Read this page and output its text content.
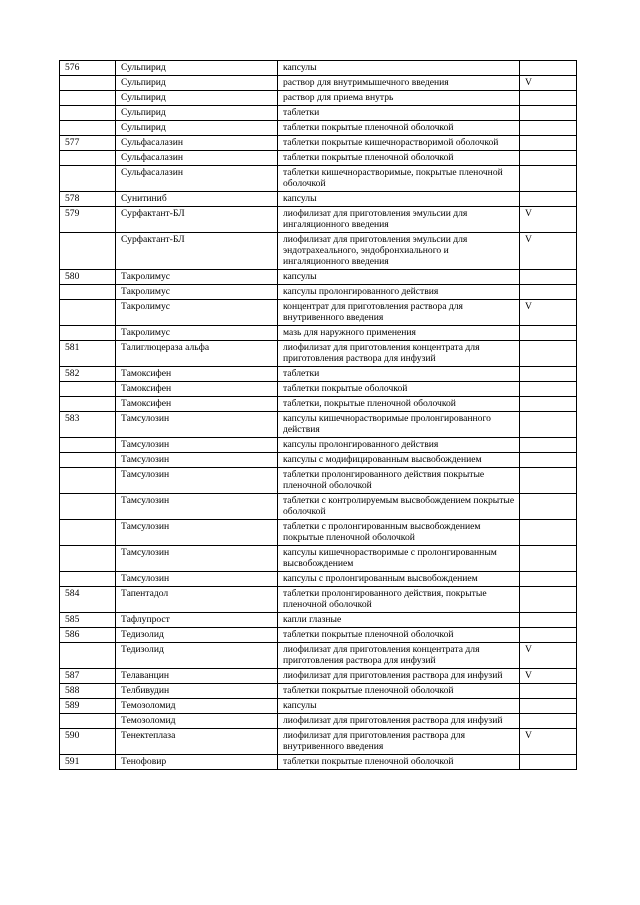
576	Сульпирид	капсулы	
	Сульпирид	раствор для внутримышечного введения	V
	Сульпирид	раствор для приема внутрь	
	Сульпирид	таблетки	
	Сульпирид	таблетки покрытые пленочной оболочкой	
577	Сульфасалазин	таблетки покрытые кишечнорастворимой оболочкой	
	Сульфасалазин	таблетки покрытые пленочной оболочкой	
	Сульфасалазин	таблетки кишечнорастворимые, покрытые пленочной оболочкой	
578	Сунитиниб	капсулы	
579	Сурфактант-БЛ	лиофилизат для приготовления эмульсии для ингаляционного введения	V
	Сурфактант-БЛ	лиофилизат для приготовления эмульсии для эндотрахеального, эндобронхиального и ингаляционного введения	V
580	Такролимус	капсулы	
	Такролимус	капсулы пролонгированного действия	
	Такролимус	концентрат для приготовления раствора для внутривенного введения	V
	Такролимус	мазь для наружного применения	
581	Талиглюцераза альфа	лиофилизат для приготовления концентрата для приготовления раствора для инфузий	
582	Тамоксифен	таблетки	
	Тамоксифен	таблетки покрытые оболочкой	
	Тамоксифен	таблетки, покрытые пленочной оболочкой	
583	Тамсулозин	капсулы кишечнорастворимые пролонгированного действия	
	Тамсулозин	капсулы пролонгированного действия	
	Тамсулозин	капсулы с модифицированным высвобождением	
	Тамсулозин	таблетки пролонгированного действия покрытые пленочной оболочкой	
	Тамсулозин	таблетки с контролируемым высвобождением покрытые оболочкой	
	Тамсулозин	таблетки с пролонгированным высвобождением покрытые пленочной оболочкой	
	Тамсулозин	капсулы кишечнорастворимые с пролонгированным высвобождением	
	Тамсулозин	капсулы с пролонгированным высвобождением	
584	Тапентадол	таблетки пролонгированного действия, покрытые пленочной оболочкой	
585	Тафлупрост	капли глазные	
586	Тедизолид	таблетки покрытые пленочной оболочкой	
	Тедизолид	лиофилизат для приготовления концентрата для приготовления раствора для инфузий	V
587	Телаванцин	лиофилизат для приготовления раствора для инфузий	V
588	Телбивудин	таблетки покрытые пленочной оболочкой	
589	Темозоломид	капсулы	
	Темозоломид	лиофилизат для приготовления раствора для инфузий	
590	Тенектеплаза	лиофилизат для приготовления раствора для внутривенного введения	V
591	Тенофовир	таблетки покрытые пленочной оболочкой	
